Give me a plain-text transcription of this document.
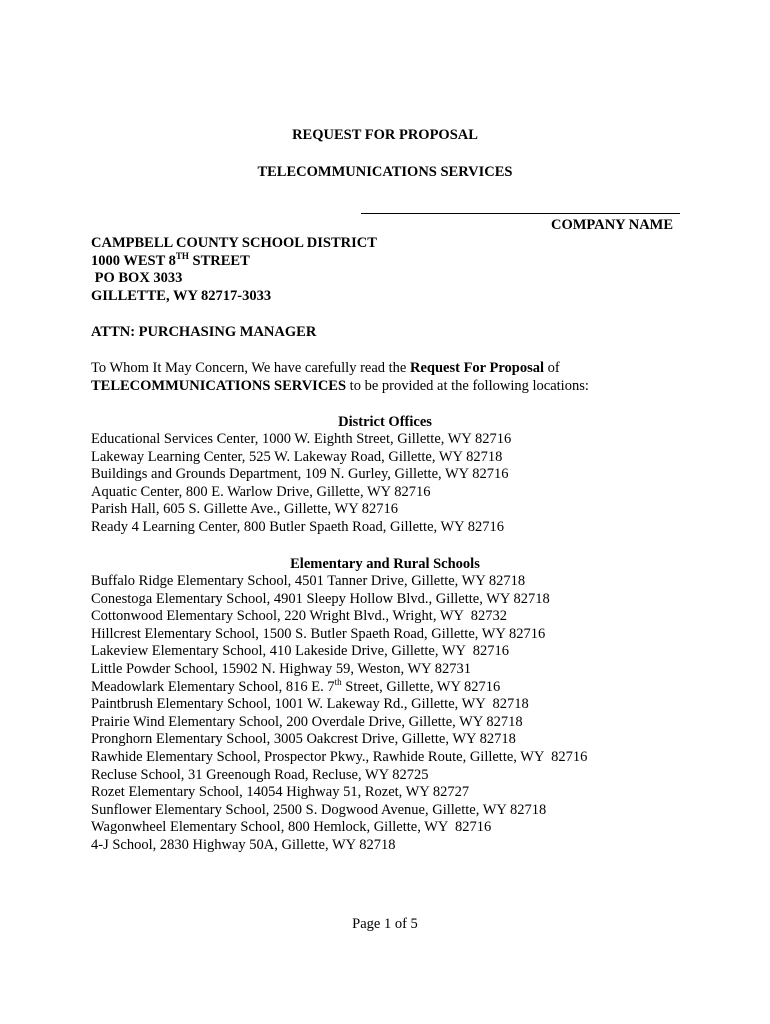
REQUEST FOR PROPOSAL
TELECOMMUNICATIONS SERVICES
COMPANY NAME
CAMPBELL COUNTY SCHOOL DISTRICT
1000 WEST 8TH STREET
PO BOX 3033
GILLETTE, WY 82717-3033
ATTN: PURCHASING MANAGER
To Whom It May Concern, We have carefully read the Request For Proposal of
TELECOMMUNICATIONS SERVICES to be provided at the following locations:
District Offices
Educational Services Center, 1000 W. Eighth Street, Gillette, WY 82716
Lakeway Learning Center, 525 W. Lakeway Road, Gillette, WY 82718
Buildings and Grounds Department, 109 N. Gurley, Gillette, WY 82716
Aquatic Center, 800 E. Warlow Drive, Gillette, WY 82716
Parish Hall, 605 S. Gillette Ave., Gillette, WY 82716
Ready 4 Learning Center, 800 Butler Spaeth Road, Gillette, WY 82716
Elementary and Rural Schools
Buffalo Ridge Elementary School, 4501 Tanner Drive, Gillette, WY 82718
Conestoga Elementary School, 4901 Sleepy Hollow Blvd., Gillette, WY 82718
Cottonwood Elementary School, 220 Wright Blvd., Wright, WY  82732
Hillcrest Elementary School, 1500 S. Butler Spaeth Road, Gillette, WY 82716
Lakeview Elementary School, 410 Lakeside Drive, Gillette, WY  82716
Little Powder School, 15902 N. Highway 59, Weston, WY 82731
Meadowlark Elementary School, 816 E. 7th Street, Gillette, WY 82716
Paintbrush Elementary School, 1001 W. Lakeway Rd., Gillette, WY  82718
Prairie Wind Elementary School, 200 Overdale Drive, Gillette, WY 82718
Pronghorn Elementary School, 3005 Oakcrest Drive, Gillette, WY 82718
Rawhide Elementary School, Prospector Pkwy., Rawhide Route, Gillette, WY  82716
Recluse School, 31 Greenough Road, Recluse, WY 82725
Rozet Elementary School, 14054 Highway 51, Rozet, WY 82727
Sunflower Elementary School, 2500 S. Dogwood Avenue, Gillette, WY 82718
Wagonwheel Elementary School, 800 Hemlock, Gillette, WY  82716
4-J School, 2830 Highway 50A, Gillette, WY 82718
Page 1 of 5
